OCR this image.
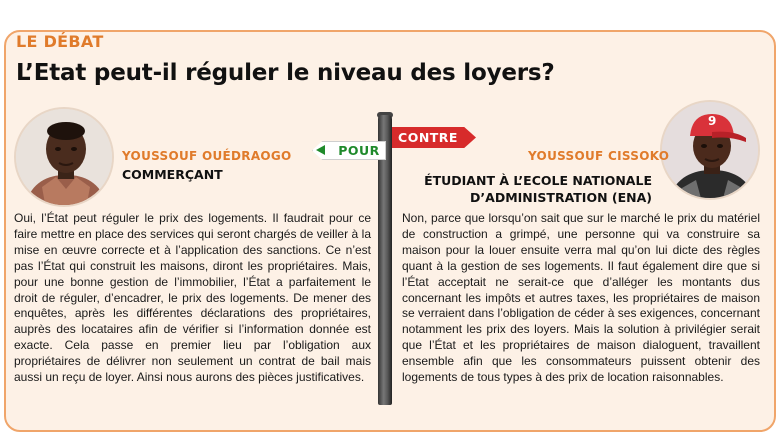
LE DÉBAT
L’Etat peut-il réguler le niveau des loyers?
YOUSSOUF OUÉDRAOGO
COMMERÇANT
POUR
CONTRE
9
YOUSSOUF CISSOKO
ÉTUDIANT À L’ECOLE NATIONALE
D’ADMINISTRATION (ENA)

Oui, l’État peut réguler le prix des logements. Il faudrait pour ce faire mettre en place des services qui seront chargés de veiller à la mise en œuvre correcte et à l’application des sanctions. Ce n’est pas l’État qui construit les maisons, diront les propriétaires. Mais, pour une bonne gestion de l’immobilier, l’État a parfaitement le droit de réguler, d’encadrer, le prix des logements. De mener des enquêtes, après les différentes déclarations des propriétaires, auprès des locataires afin de vérifier si l’information donnée est exacte. Cela passe en premier lieu par l’obligation aux propriétaires de délivrer non seulement un contrat de bail mais aussi un reçu de loyer. Ainsi nous aurons des pièces justificatives.

Non, parce que lorsqu’on sait que sur le marché le prix du matériel de construction a grimpé, une personne qui va construire sa maison pour la louer ensuite verra mal qu’on lui dicte des règles quant à la gestion de ses logements. Il faut également dire que si l’État acceptait ne serait-ce que d’alléger les montants dus concernant les impôts et autres taxes, les propriétaires de maison se verraient dans l’obligation de céder à ses exigences, concernant notamment les prix des loyers. Mais la solution à privilégier serait que l’État et les propriétaires de maison dialoguent, travaillent ensemble afin que les consommateurs puissent obtenir des logements de tous types à des prix de location raisonnables.
